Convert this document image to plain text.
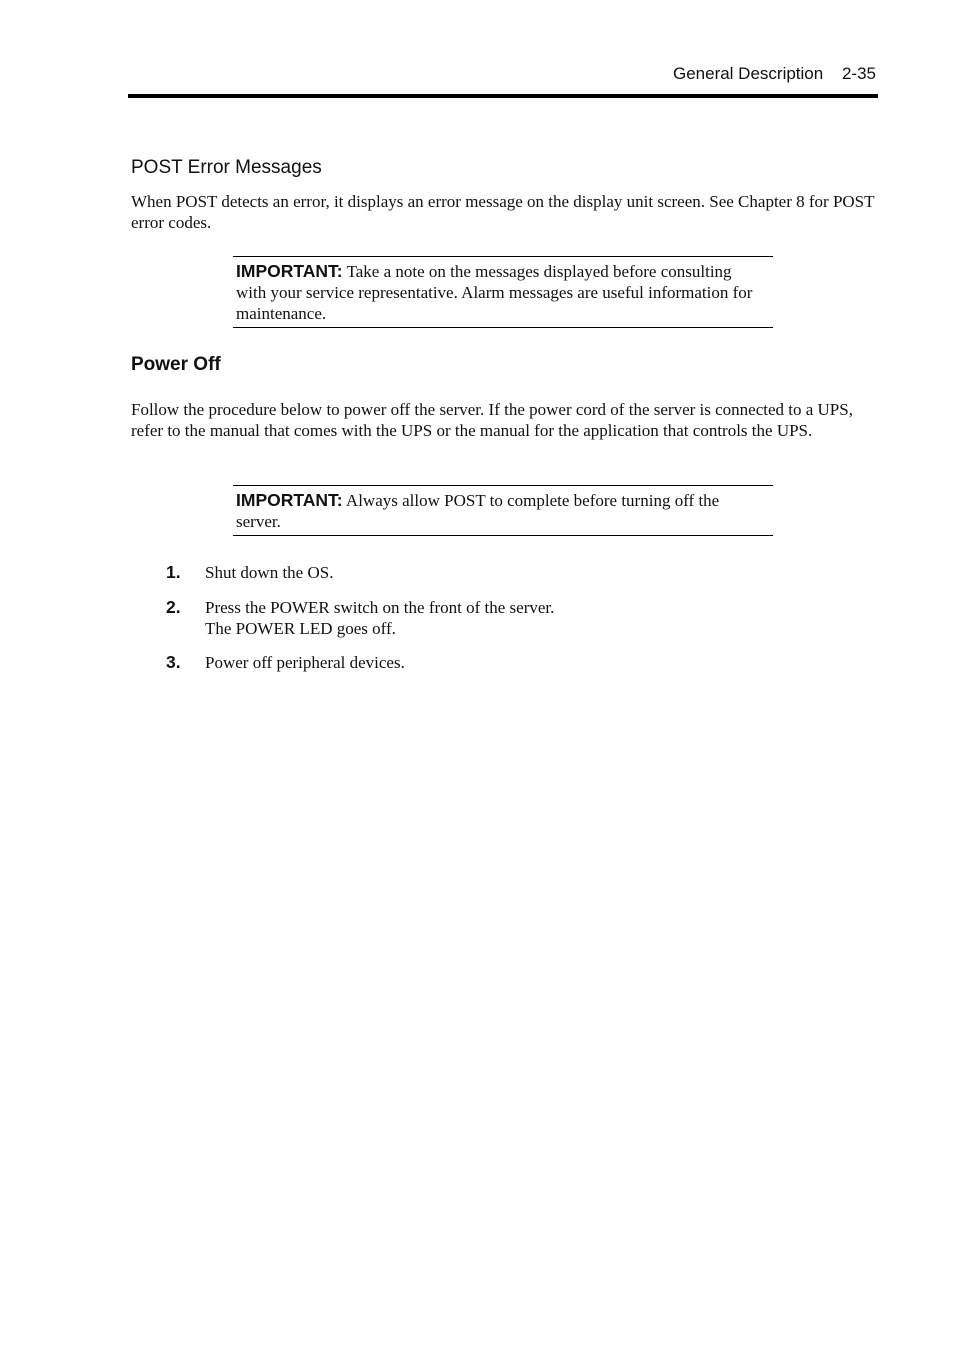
General Description 2-35
POST Error Messages

When POST detects an error, it displays an error message on the display unit screen. See Chapter 8 for POST error codes.

IMPORTANT: Take a note on the messages displayed before consulting with your service representative. Alarm messages are useful information for maintenance.
Power Off

Follow the procedure below to power off the server. If the power cord of the server is connected to a UPS, refer to the manual that comes with the UPS or the manual for the application that controls the UPS.

IMPORTANT: Always allow POST to complete before turning off the server.
1. Shut down the OS.
2. Press the POWER switch on the front of the server.
The POWER LED goes off.
3. Power off peripheral devices.
